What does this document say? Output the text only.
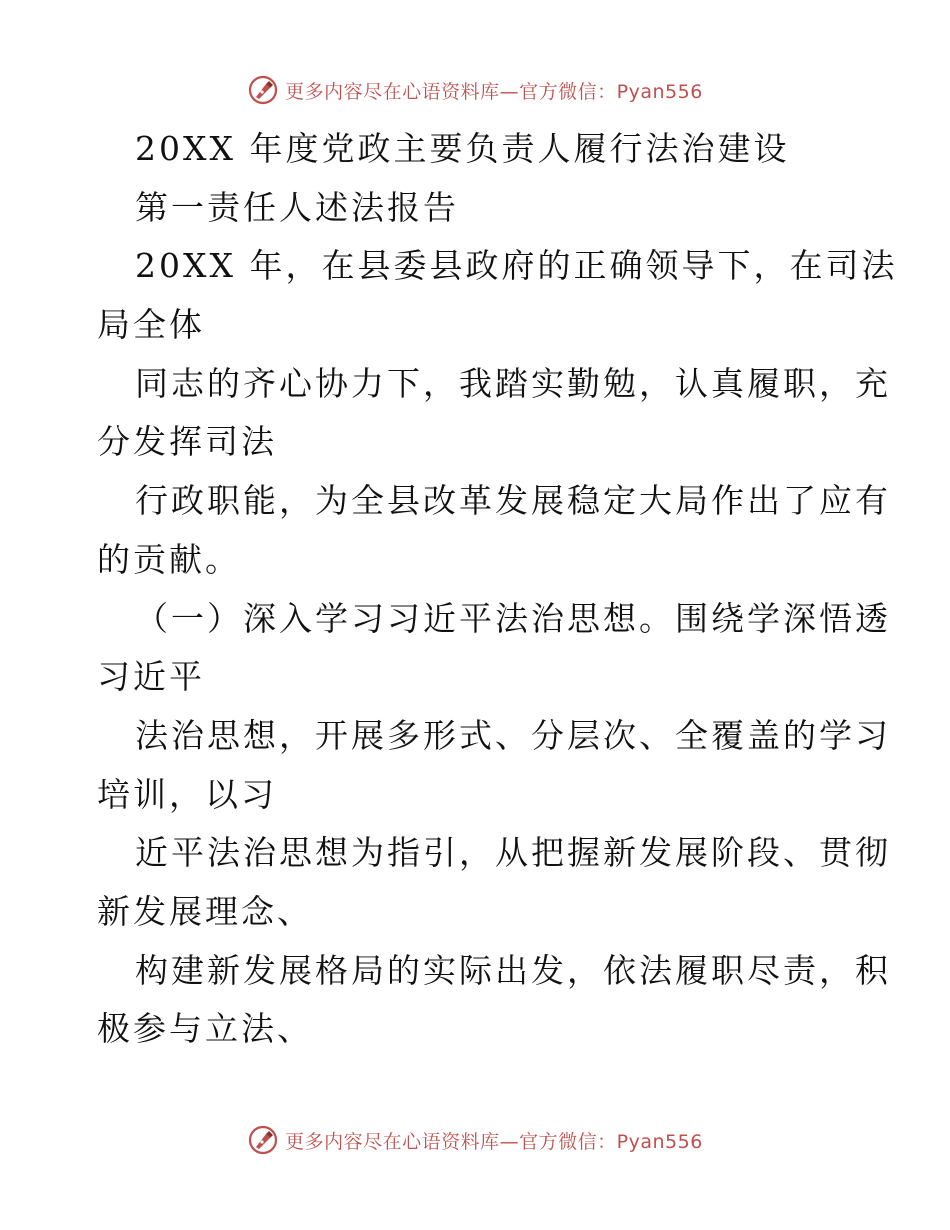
更多内容尽在心语资料库—官方微信：Pyan556
20XX 年度党政主要负责人履行法治建设
第一责任人述法报告
20XX 年，在县委县政府的正确领导下，在司法
局全体
同志的齐心协力下，我踏实勤勉，认真履职，充
分发挥司法
行政职能，为全县改革发展稳定大局作出了应有
的贡献。
（一）深入学习习近平法治思想。围绕学深悟透
习近平
法治思想，开展多形式、分层次、全覆盖的学习
培训，以习
近平法治思想为指引，从把握新发展阶段、贯彻
新发展理念、
构建新发展格局的实际出发，依法履职尽责，积
极参与立法、
更多内容尽在心语资料库—官方微信：Pyan556
